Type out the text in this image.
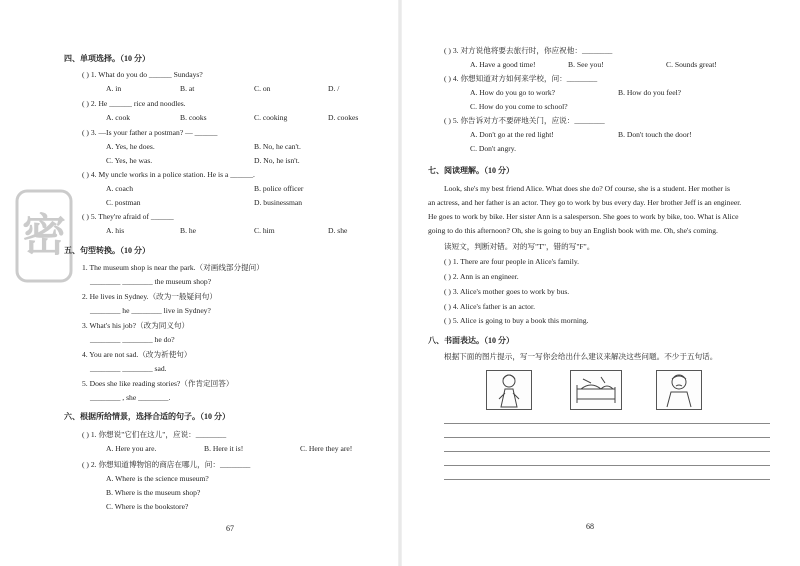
密
四、单项选择。（10 分）
( ) 1. What do you do ______ Sundays?
A. in	B. at	C. on	D. /
( ) 2. He ______ rice and noodles.
A. cook	B. cooks	C. cooking	D. cookes
( ) 3. —Is your father a postman? — ______
A. Yes, he does.	B. No, he can't.
C. Yes, he was.	D. No, he isn't.
( ) 4. My uncle works in a police station. He is a ______.
A. coach	B. police officer
C. postman	D. businessman
( ) 5. They're afraid of ______
A. his	B. he	C. him	D. she
五、句型转换。（10 分）
1. The museum shop is near the park.（对画线部分提问）
________ ________ the museum shop?
2. He lives in Sydney.（改为一般疑问句）
________ he ________ live in Sydney?
3. What's his job?（改为同义句）
________ ________ he do?
4. You are not sad.（改为祈使句）
________ ________ sad.
5. Does she like reading stories?（作肯定回答）
________ , she ________.
六、根据所给情景，选择合适的句子。（10 分）
( ) 1. 你想说"它们在这儿"，应说：________
A. Here you are.	B. Here it is!	C. Here they are!
( ) 2. 你想知道博物馆的商店在哪儿，问：________
A. Where is the science museum?
B. Where is the museum shop?
C. Where is the bookstore?
67
( ) 3. 对方说他将要去旅行时，你应祝他：________
A. Have a good time!	B. See you!	C. Sounds great!
( ) 4. 你想知道对方如何来学校，问：________
A. How do you go to work?	B. How do you feel?
C. How do you come to school?
( ) 5. 你告诉对方不要砰地关门，应说：________
A. Don't go at the red light!	B. Don't touch the door!
C. Don't angry.
七、阅读理解。（10 分）
Look, she's my best friend Alice. What does she do? Of course, she is a student. Her mother is
an actress, and her father is an actor. They go to work by bus every day. Her brother Jeff is an engineer.
He goes to work by bike. Her sister Ann is a salesperson. She goes to work by bike, too. What is Alice
going to do this afternoon? Oh, she is going to buy an English book with me. Oh, she's coming.
读短文，判断对错。对的写"T"，错的写"F"。
( ) 1. There are four people in Alice's family.
( ) 2. Ann is an engineer.
( ) 3. Alice's mother goes to work by bus.
( ) 4. Alice's father is an actor.
( ) 5. Alice is going to buy a book this morning.
八、书面表达。（10 分）
根据下面的图片提示，写一写你会给出什么建议来解决这些问题。不少于五句话。
68
